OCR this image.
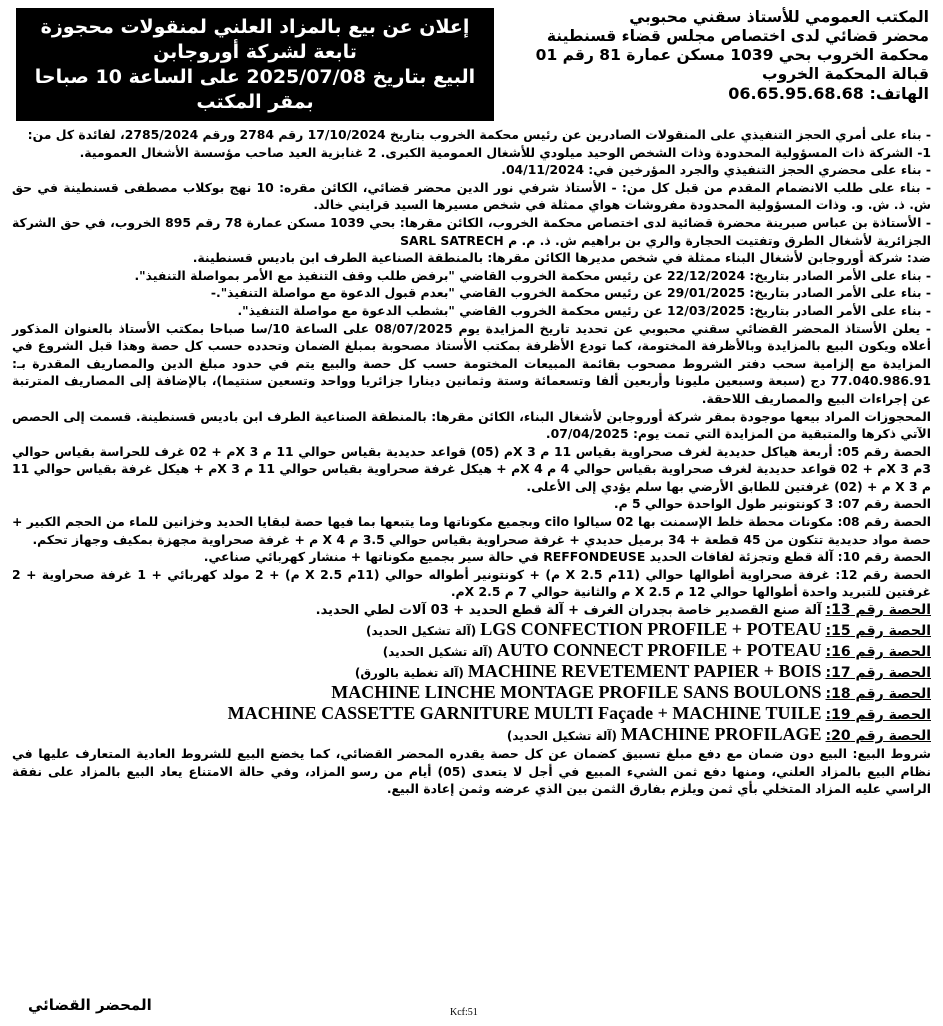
إعلان عن بيع بالمزاد العلني لمنقولات محجوزة
تابعة لشركة أوروجابن
البيع بتاريخ 2025/07/08 على الساعة 10 صباحا
بمقر المكتب
المكتب العمومي للأستاذ سقني محبوبي
محضر قضائي لدى اختصاص مجلس قضاء قسنطينة
محكمة الخروب بحي 1039 مسكن عمارة 81 رقم 01
قبالة المحكمة الخروب
الهاتف: 06.65.95.68.68

- بناء على أمري الحجز التنفيذي على المنقولات الصادرين عن رئيس محكمة الخروب بتاريخ 17/10/2024 رقم 2784 ورقم 2785/2024، لفائدة كل من:

1- الشركة ذات المسؤولية المحدودة وذات الشخص الوحيد ميلودي للأشغال العمومية الكبرى. 2 غنابزية العيد صاحب مؤسسة الأشغال العمومية.

- بناء على محضري الحجز التنفيذي والجرد المؤرخين في: 04/11/2024.

- بناء على طلب الانضمام المقدم من قبل كل من: - الأستاذ شرفي نور الدين محضر قضائي، الكائن مقره: 10 نهج بوكلاب مصطفى قسنطينة في حق ش. ذ. ش. و. وذات المسؤولية المحدودة مفروشات هواي ممثلة في شخص مسيرها السيد قرايني خالد.

- الأستاذة بن عباس صبرينة محضرة قضائية لدى اختصاص محكمة الخروب، الكائن مقرها: بحي 1039 مسكن عمارة 78 رقم 895 الخروب، في حق الشركة الجزائرية لأشغال الطرق وتفتيت الحجارة والري بن براهيم ش. ذ. م. م SARL SATRECH

ضد: شركة أوروجابن لأشغال البناء ممثلة في شخص مديرها الكائن مقرها: بالمنطقة الصناعية الطرف ابن باديس قسنطينة.

- بناء على الأمر الصادر بتاريخ: 22/12/2024 عن رئيس محكمة الخروب القاضي "برفض طلب وقف التنفيذ مع الأمر بمواصلة التنفيذ".

- بناء على الأمر الصادر بتاريخ: 29/01/2025 عن رئيس محكمة الخروب القاضي "بعدم قبول الدعوة مع مواصلة التنفيذ".-

- بناء على الأمر الصادر بتاريخ: 12/03/2025 عن رئيس محكمة الخروب القاضي "بشطب الدعوة مع مواصلة التنفيذ".

- يعلن الأستاذ المحضر القضائي سقني محبوبي عن تحديد تاريخ المزايدة يوم 08/07/2025 على الساعة 10/سا صباحا بمكتب الأستاذ بالعنوان المذكور أعلاه ويكون البيع بالمزايدة وبالأظرفة المختومة، كما تودع الأظرفة بمكتب الأستاذ مصحوبة بمبلغ الضمان وتحدده حسب كل حصة وهذا قبل الشروع في المزايدة مع إلزامية سحب دفتر الشروط مصحوب بقائمة المبيعات المختومة حسب كل حصة والبيع يتم في حدود مبلغ الدين والمصاريف المقدرة بـ: 77.040.986.91 دج (سبعة وسبعين مليونا وأربعين ألفا وتسعمائة وستة وثمانين دينارا جزائريا وواحد وتسعين سنتيما)، بالإضافة إلى المصاريف المترتبة عن إجراءات البيع والمصاريف اللاحقة.

المحجوزات المراد بيعها موجودة بمقر شركة أوروجابن لأشغال البناء، الكائن مقرها: بالمنطقة الصناعية الطرف ابن باديس قسنطينة. قسمت إلى الحصص الآتي ذكرها والمتبقية من المزايدة التي تمت يوم: 07/04/2025.

الحصة رقم 05: أربعة هياكل حديدية لغرف صحراوية بقياس 11 م X 3م (05) قواعد حديدية بقياس حوالي 11 م X 3م + 02 غرف للحراسة بقياس حوالي 3م X 3م + 02 قواعد حديدية لغرف صحراوية بقياس حوالي 4 م X 4م + هيكل غرفة صحراوية بقياس حوالي 11 م X 3م + هيكل غرفة بقياس حوالي 11 م X 3 م + (02) غرفتين للطابق الأرضي بها سلم يؤدي إلى الأعلى.

الحصة رقم 07: 3 كونتونير طول الواحدة حوالي 5 م.

الحصة رقم 08: مكونات محطة خلط الإسمنت بها 02 سيالوا cilo وبجميع مكوناتها وما يتبعها بما فيها حصة لبقايا الحديد وخزانين للماء من الحجم الكبير + حصة مواد حديدية تتكون من 45 قطعة + 34 برميل حديدي + غرفة صحراوية بقياس حوالي 3.5 م X 4 م + غرفة صحراوية مجهزة بمكيف وجهاز تحكم.

الحصة رقم 10: آلة قطع وتجزئة لفافات الحديد REFFONDEUSE في حالة سير بجميع مكوناتها + منشار كهربائي صناعي.

الحصة رقم 12: غرفة صحراوية أطوالها حوالي (11م X 2.5 م) + كونتونير أطواله حوالي (11م X 2.5 م) + 2 مولد كهربائي + 1 غرفة صحراوية + 2 غرفتين للتبريد واحدة أطوالها حوالي 12 م X 2.5 م والثانية حوالي 7 م X 2.5م.

الحصة رقم 13: آلة صنع القصدير خاصة بجدران الغرف + آلة قطع الحديد + 03 آلات لطي الحديد.
الحصة رقم 15: LGS CONFECTION PROFILE + POTEAU (آلة تشكيل الحديد)
الحصة رقم 16: AUTO CONNECT PROFILE + POTEAU (آلة تشكيل الحديد)
الحصة رقم 17: MACHINE REVETEMENT PAPIER + BOIS (آلة تغطية بالورق)
الحصة رقم 18: MACHINE LINCHE MONTAGE PROFILE SANS BOULONS
الحصة رقم 19: MACHINE CASSETTE GARNITURE MULTI Façade + MACHINE TUILE
الحصة رقم 20: MACHINE PROFILAGE (آلة تشكيل الحديد)

شروط البيع: البيع دون ضمان مع دفع مبلغ تسبيق كضمان عن كل حصة يقدره المحضر القضائي، كما يخضع البيع للشروط العادية المتعارف عليها في نظام البيع بالمزاد العلني، ومنها دفع ثمن الشيء المبيع في أجل لا يتعدى (05) أيام من رسو المزاد، وفي حالة الامتناع يعاد البيع بالمزاد على نفقة الراسي عليه المزاد المتخلي بأي ثمن ويلزم بفارق الثمن بين الذي عرضه وثمن إعادة البيع.

المحضر القضائي	Kcf:51
